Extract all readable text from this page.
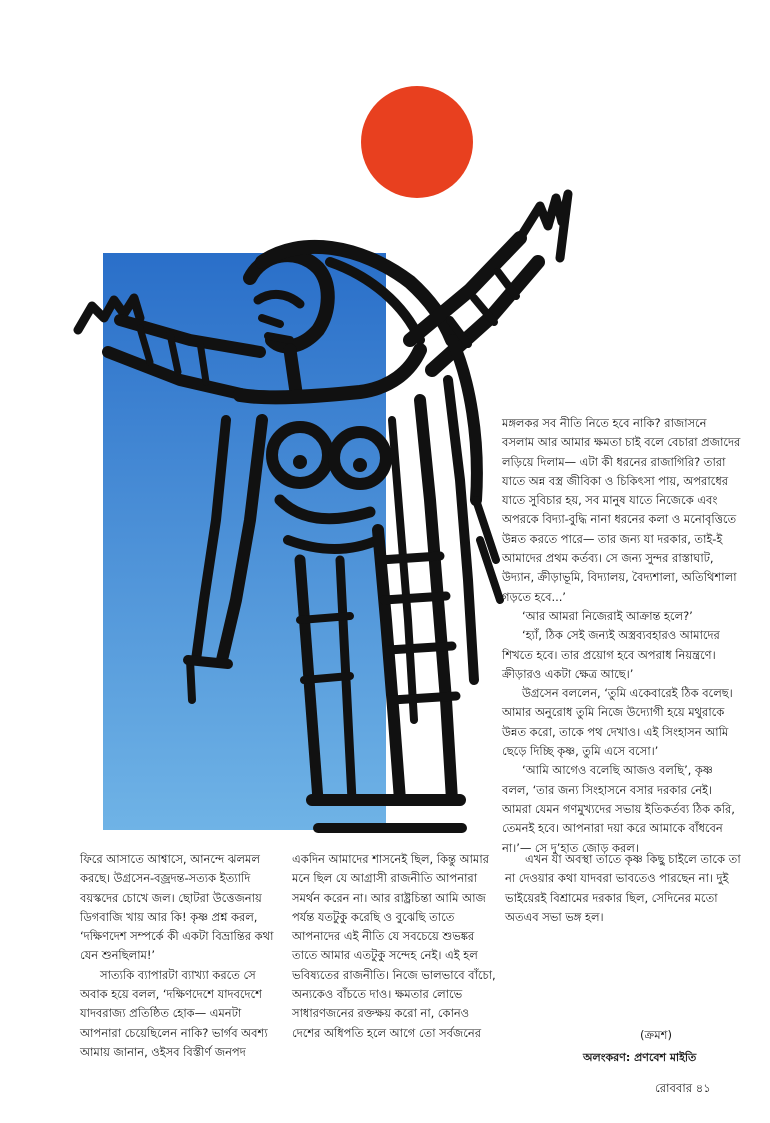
মঙ্গলকর সব নীতি নিতে হবে নাকি? রাজাসনে বসলাম আর আমার ক্ষমতা চাই বলে বেচারা প্রজাদের লড়িয়ে দিলাম— এটা কী ধরনের রাজাগিরি? তারা যাতে অন্ন বস্ত্র জীবিকা ও চিকিৎসা পায়, অপরাধের যাতে সুবিচার হয়, সব মানুষ যাতে নিজেকে এবং অপরকে বিদ্যা-বুদ্ধি নানা ধরনের কলা ও মনোবৃত্তিতে উন্নত করতে পারে— তার জন্য যা দরকার, তাই-ই আমাদের প্রথম কর্তব্য। সে জন্য সুন্দর রাস্তাঘাট, উদ্যান, ক্রীড়াভূমি, বিদ্যালয়, বৈদ্যশালা, অতিথিশালা গড়তে হবে...’

‘আর আমরা নিজেরাই আক্রান্ত হলে?’

‘হ্যাঁ, ঠিক সেই জন্যই অস্ত্রব্যবহারও আমাদের শিখতে হবে। তার প্রয়োগ হবে অপরাধ নিয়ন্ত্রণে। ক্রীড়ারও একটা ক্ষেত্র আছে।’

উগ্রসেন বললেন, ‘তুমি একেবারেই ঠিক বলেছ। আমার অনুরোধ তুমি নিজে উদ্যোগী হয়ে মথুরাকে উন্নত করো, তাকে পথ দেখাও। এই সিংহাসন আমি ছেড়ে দিচ্ছি কৃষ্ণ, তুমি এসে বসো।’

‘আমি আগেও বলেছি আজও বলছি’, কৃষ্ণ বলল, ‘তার জন্য সিংহাসনে বসার দরকার নেই। আমরা যেমন গণমুখ্যদের সভায় ইতিকর্তব্য ঠিক করি, তেমনই হবে। আপনারা দয়া করে আমাকে বাঁধবেন না।’— সে দু’হাত জোড় করল।

ফিরে আসাতে আশ্বাসে, আনন্দে ঝলমল করছে। উগ্রসেন-বজ্রদন্ত-সত্যক ইত্যাদি বয়স্কদের চোখে জল। ছোটরা উত্তেজনায় ডিগবাজি খায় আর কি! কৃষ্ণ প্রশ্ন করল, ‘দক্ষিণদেশ সম্পর্কে কী একটা বিভ্রান্তির কথা যেন শুনছিলাম!’

সাত্যকি ব্যাপারটা ব্যাখ্যা করতে সে অবাক হয়ে বলল, ‘দক্ষিণদেশে যাদবদেশে যাদবরাজ্য প্রতিষ্ঠিত হোক— এমনটা আপনারা চেয়েছিলেন নাকি? ভার্গব অবশ্য আমায় জানান, ওইসব বিস্তীর্ণ জনপদ

একদিন আমাদের শাসনেই ছিল, কিন্তু আমার মনে ছিল যে আগ্রাসী রাজনীতি আপনারা সমর্থন করেন না। আর রাষ্ট্রচিন্তা আমি আজ পর্যন্ত যতটুকু করেছি ও বুঝেছি তাতে আপনাদের এই নীতি যে সবচেয়ে শুভঙ্কর তাতে আমার এতটুকু সন্দেহ নেই। এই হল ভবিষ্যতের রাজনীতি। নিজে ভালভাবে বাঁচো, অন্যকেও বাঁচতে দাও। ক্ষমতার লোভে সাধারণজনের রক্তক্ষয় করো না, কোনও দেশের অধিপতি হলে আগে তো সর্বজনের

এখন যা অবস্থা তাতে কৃষ্ণ কিছু চাইলে তাকে তা না দেওয়ার কথা যাদবরা ভাবতেও পারছেন না। দুই ভাইয়েরই বিশ্রামের দরকার ছিল, সেদিনের মতো অতএব সভা ভঙ্গ হল।

(ক্রমশ)
অলংকরণ: প্রণবেশ মাইতি
রোববার ৪১
